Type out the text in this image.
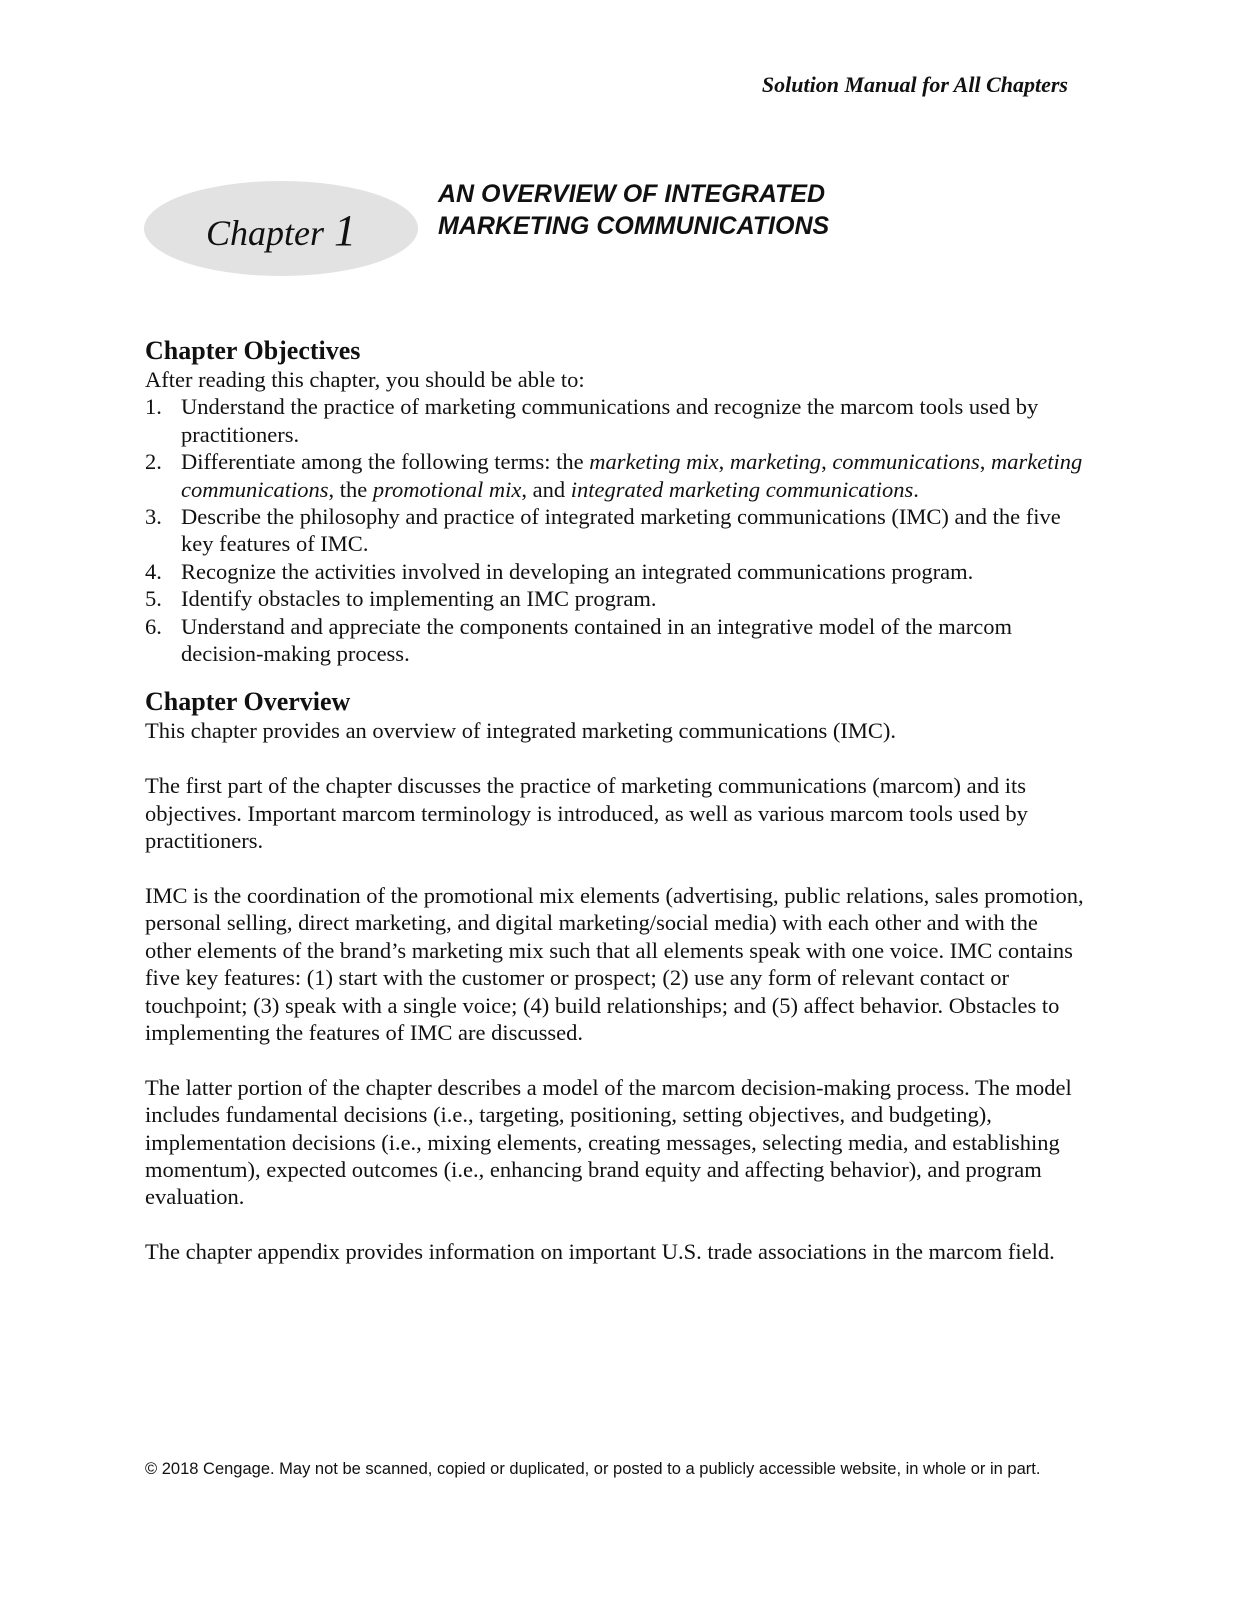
Solution Manual for All Chapters
Chapter 1
AN OVERVIEW OF INTEGRATED
MARKETING COMMUNICATIONS
Chapter Objectives

After reading this chapter, you should be able to:

1. Understand the practice of marketing communications and recognize the marcom tools used by practitioners.
2. Differentiate among the following terms: the marketing mix, marketing, communications, marketing communications, the promotional mix, and integrated marketing communications.
3. Describe the philosophy and practice of integrated marketing communications (IMC) and the five key features of IMC.
4. Recognize the activities involved in developing an integrated communications program.
5. Identify obstacles to implementing an IMC program.
6. Understand and appreciate the components contained in an integrative model of the marcom decision-making process.
Chapter Overview

This chapter provides an overview of integrated marketing communications (IMC).

The first part of the chapter discusses the practice of marketing communications (marcom) and its objectives. Important marcom terminology is introduced, as well as various marcom tools used by practitioners.

IMC is the coordination of the promotional mix elements (advertising, public relations, sales promotion, personal selling, direct marketing, and digital marketing/social media) with each other and with the other elements of the brand’s marketing mix such that all elements speak with one voice. IMC contains five key features: (1) start with the customer or prospect; (2) use any form of relevant contact or touchpoint; (3) speak with a single voice; (4) build relationships; and (5) affect behavior. Obstacles to implementing the features of IMC are discussed.

The latter portion of the chapter describes a model of the marcom decision-making process. The model includes fundamental decisions (i.e., targeting, positioning, setting objectives, and budgeting), implementation decisions (i.e., mixing elements, creating messages, selecting media, and establishing momentum), expected outcomes (i.e., enhancing brand equity and affecting behavior), and program evaluation.

The chapter appendix provides information on important U.S. trade associations in the marcom field.

© 2018 Cengage. May not be scanned, copied or duplicated, or posted to a publicly accessible website, in whole or in part.
